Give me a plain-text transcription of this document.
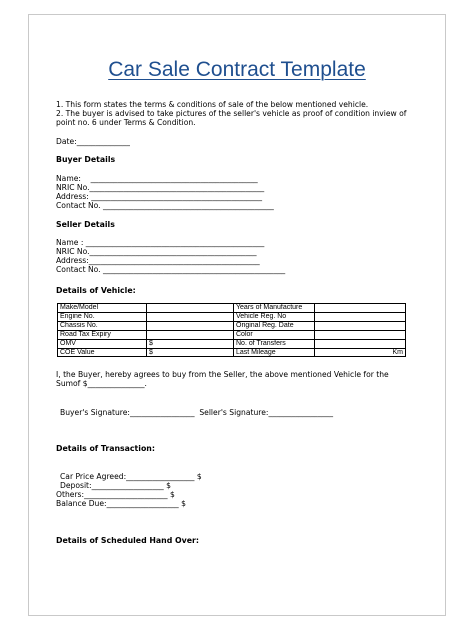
Car Sale Contract Template
1. This form states the terms & conditions of sale of the below mentioned vehicle.
2. The buyer is advised to take pictures of the seller's vehicle as proof of condition inview of
point no. 6 under Terms & Condition.
Date:______________
Buyer Details
Name:    ____________________________________________
NRIC No.______________________________________________
Address: _____________________________________________
Contact No. _____________________________________________
Seller Details
Name : _______________________________________________
NRIC No.____________________________________________
Address:_____________________________________________
Contact No. ________________________________________________
Details of Vehicle:
Make/Model		Years of Manufacture	
Engine No.		Vehicle Reg. No	
Chassis No.		Original Reg. Date	
Road Tax Expiry		Color	
OMV	$	No. of Transfers	
COE Value	$	Last Mileage	Km
I, the Buyer, hereby agrees to buy from the Seller, the above mentioned Vehicle for the
Sumof $_______________.
Buyer's Signature:_________________  Seller's Signature:_________________
Details of Transaction:
Car Price Agreed:__________________ $
Deposit:___________________ $
Others:______________________ $
Balance Due:___________________ $
Details of Scheduled Hand Over:
